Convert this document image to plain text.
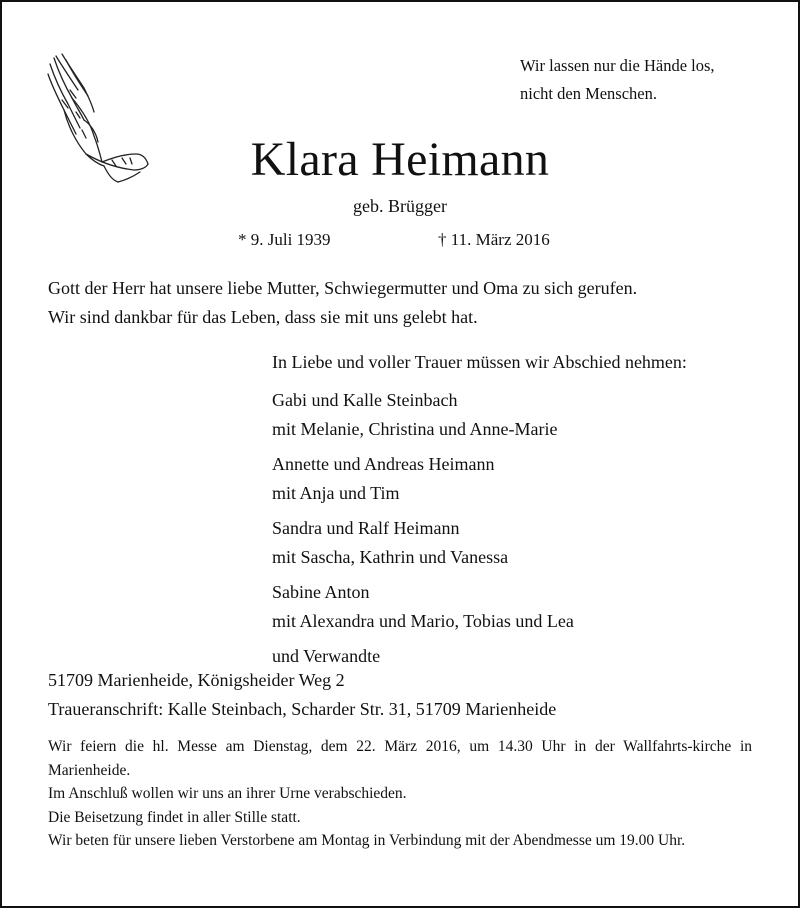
Wir lassen nur die Hände los,
nicht den Menschen.
Klara Heimann
geb. Brügger
* 9. Juli 1939	† 11. März 2016
Gott der Herr hat unsere liebe Mutter, Schwiegermutter und Oma zu sich gerufen.
Wir sind dankbar für das Leben, dass sie mit uns gelebt hat.
In Liebe und voller Trauer müssen wir Abschied nehmen:
Gabi und Kalle Steinbach
mit Melanie, Christina und Anne-Marie
Annette und Andreas Heimann
mit Anja und Tim
Sandra und Ralf Heimann
mit Sascha, Kathrin und Vanessa
Sabine Anton
mit Alexandra und Mario, Tobias und Lea
und Verwandte
51709 Marienheide, Königsheider Weg 2
Traueranschrift: Kalle Steinbach, Scharder Str. 31, 51709 Marienheide

Wir feiern die hl. Messe am Dienstag, dem 22. März 2016, um 14.30 Uhr in der Wallfahrts-kirche in Marienheide.

Im Anschluß wollen wir uns an ihrer Urne verabschieden.

Die Beisetzung findet in aller Stille statt.

Wir beten für unsere lieben Verstorbene am Montag in Verbindung mit der Abendmesse um 19.00 Uhr.
